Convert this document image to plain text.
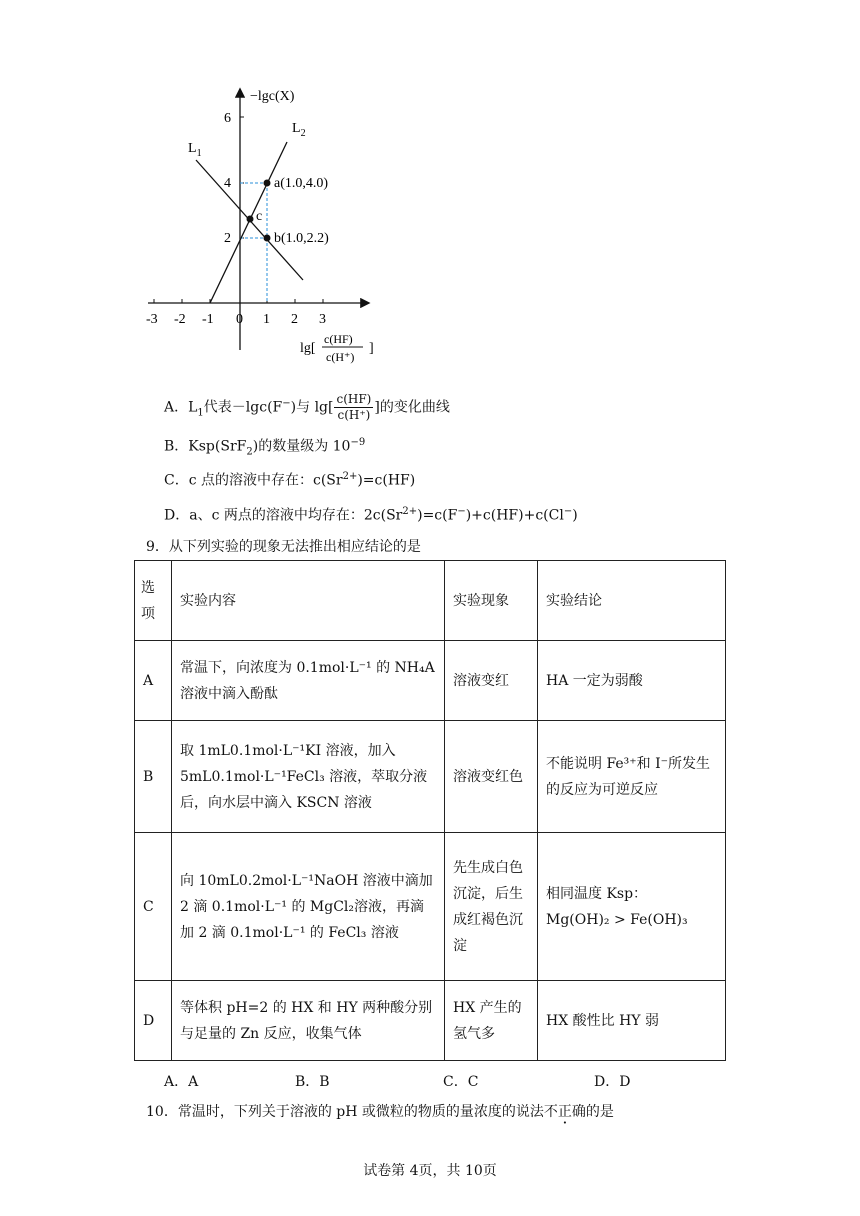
−lgc(X)
6
4
2
-3 -2 -1 0 1 2 3
$L_1$
$L_2$
a(1.0,4.0)
b(1.0,2.2)
c
lg[
c(HF)
c(H⁺)
]
A．$L_1$代表－lgc(F−)与 $\lg[ \frac{c(HF)}{c(H^+)}$ ]的变化曲线
B．Ksp(SrF$_2$)的数量级为 $10^{-9}$
C．c 点的溶液中存在：$c(Sr^{2+})=c(HF)$
D．a、c 两点的溶液中均存在：$2c(Sr^{2+})=c(F^-)+c(HF)+c(Cl^-)$
9．从下列实验的现象无法推出相应结论的是
选项	实验内容	实验现象	实验结论
A	常温下，向浓度为 0.1mol·L⁻¹ 的 NH₄A 溶液中滴入酚酞	溶液变红	HA 一定为弱酸
B	取 1mL0.1mol·L⁻¹KI 溶液，加入 5mL0.1mol·L⁻¹FeCl₃ 溶液，萃取分液后，向水层中滴入 KSCN 溶液	溶液变红色	不能说明 Fe³⁺和 I⁻所发生的反应为可逆反应
C	向 10mL0.2mol·L⁻¹NaOH 溶液中滴加 2 滴 0.1mol·L⁻¹ 的 MgCl₂溶液，再滴加 2 滴 0.1mol·L⁻¹ 的 FeCl₃ 溶液	先生成白色沉淀，后生成红褐色沉淀	相同温度 Ksp：
Mg(OH)₂ > Fe(OH)₃

D	等体积 pH=2 的 HX 和 HY 两种酸分别与足量的 Zn 反应，收集气体	HX 产生的氢气多	HX 酸性比 HY 弱
A．A	B．B	C．C	D．D
10．常温时，下列关于溶液的 pH 或微粒的物质的量浓度的说法不正确的是
试卷第 4页，共 10页
